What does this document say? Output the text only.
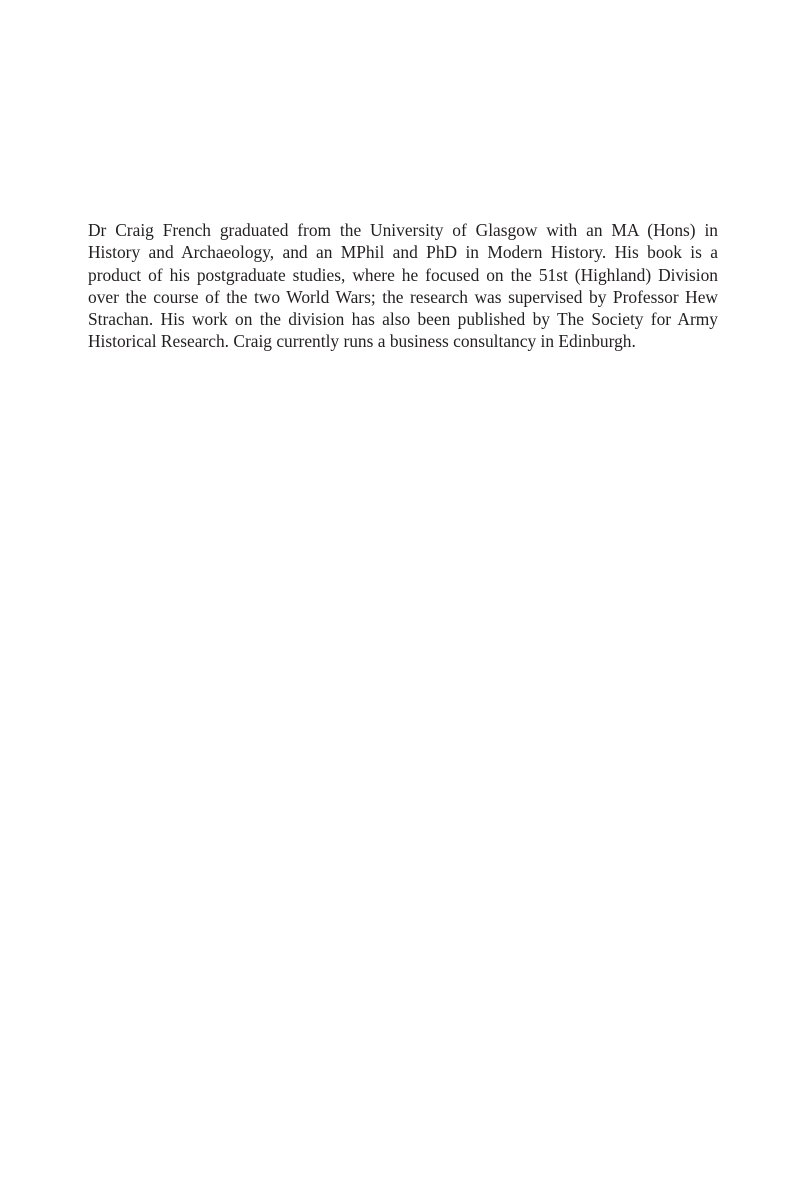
Dr Craig French graduated from the University of Glasgow with an MA (Hons) in
History and Archaeology, and an MPhil and PhD in Modern History. His book is a
product of his postgraduate studies, where he focused on the 51st (Highland) Division
over the course of the two World Wars; the research was supervised by Professor Hew
Strachan. His work on the division has also been published by The Society for Army
Historical Research. Craig currently runs a business consultancy in Edinburgh.
